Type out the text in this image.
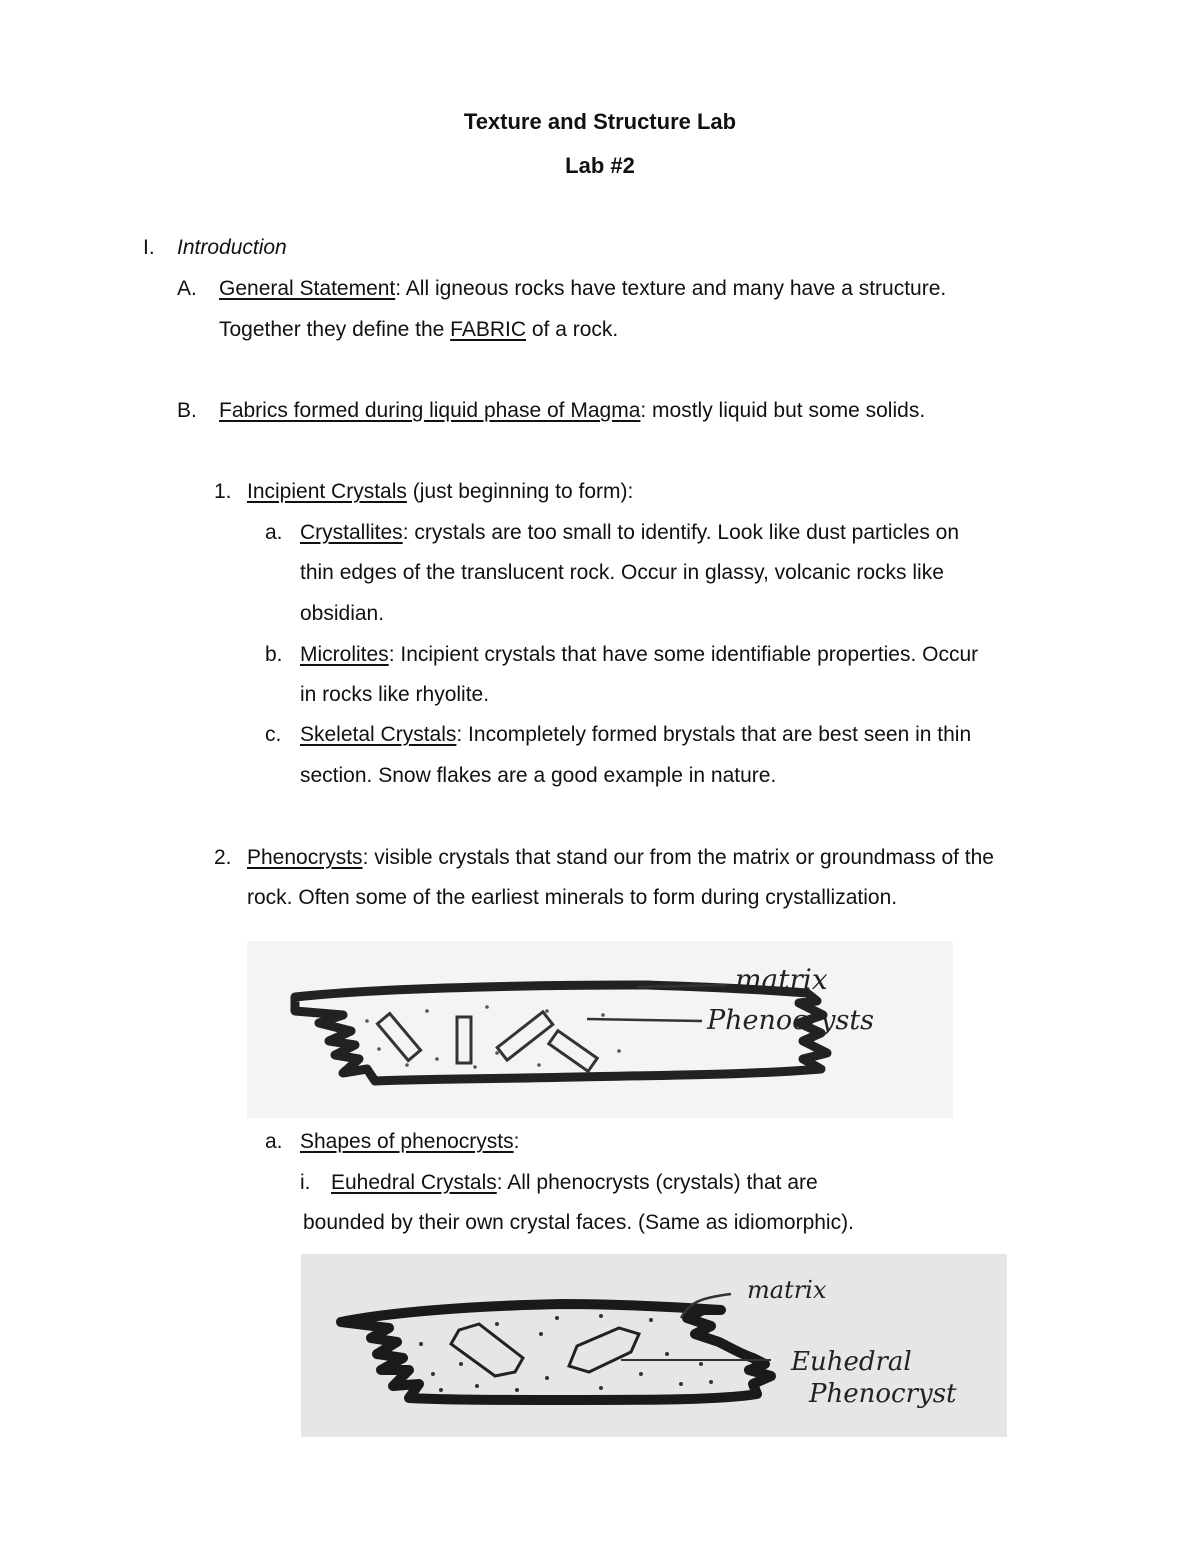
Texture and Structure Lab
Lab #2
I. Introduction
A. General Statement: All igneous rocks have texture and many have a structure.
Together they define the FABRIC of a rock.
B. Fabrics formed during liquid phase of Magma: mostly liquid but some solids.
1. Incipient Crystals (just beginning to form):
a. Crystallites: crystals are too small to identify. Look like dust particles on
thin edges of the translucent rock. Occur in glassy, volcanic rocks like
obsidian.
b. Microlites: Incipient crystals that have some identifiable properties. Occur
in rocks like rhyolite.
c. Skeletal Crystals: Incompletely formed brystals that are best seen in thin
section. Snow flakes are a good example in nature.
2. Phenocrysts: visible crystals that stand our from the matrix or groundmass of the
rock. Often some of the earliest minerals to form during crystallization.
matrix
Phenocrysts
a. Shapes of phenocrysts:
i. Euhedral Crystals: All phenocrysts (crystals) that are
bounded by their own crystal faces. (Same as idiomorphic).
matrix
Euhedral
Phenocryst
